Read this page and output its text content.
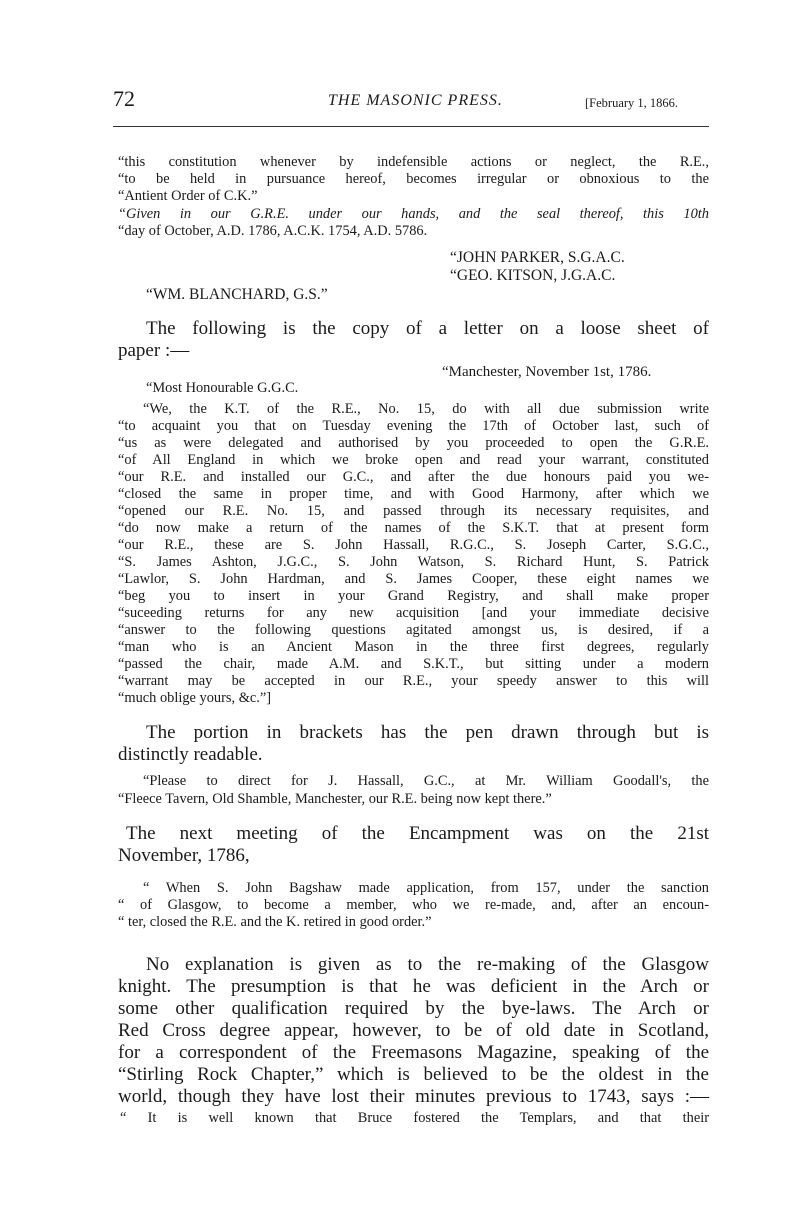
72	THE MASONIC PRESS.	[February 1, 1866.
“this constitution whenever by indefensible actions or neglect, the R.E.,
“to be held in pursuance hereof, becomes irregular or obnoxious to the
“Antient Order of C.K.”
“Given in our G.R.E. under our hands, and the seal thereof, this 10th
“day of October, A.D. 1786, A.C.K. 1754, A.D. 5786.
“JOHN PARKER, S.G.A.C.
“GEO. KITSON, J.G.A.C.
“WM. BLANCHARD, G.S.”
The following is the copy of a letter on a loose sheet of
paper :—
“Manchester, November 1st, 1786.
“Most Honourable G.G.C.
“We, the K.T. of the R.E., No. 15, do with all due submission write
“to acquaint you that on Tuesday evening the 17th of October last, such of
“us as were delegated and authorised by you proceeded to open the G.R.E.
“of All England in which we broke open and read your warrant, constituted
“our R.E. and installed our G.C., and after the due honours paid you we-
“closed the same in proper time, and with Good Harmony, after which we
“opened our R.E. No. 15, and passed through its necessary requisites, and
“do now make a return of the names of the S.K.T. that at present form
“our R.E., these are S. John Hassall, R.G.C., S. Joseph Carter, S.G.C.,
“S. James Ashton, J.G.C., S. John Watson, S. Richard Hunt, S. Patrick
“Lawlor, S. John Hardman, and S. James Cooper, these eight names we
“beg you to insert in your Grand Registry, and shall make proper
“suceeding returns for any new acquisition [and your immediate decisive
“answer to the following questions agitated amongst us, is desired, if a
“man who is an Ancient Mason in the three first degrees, regularly
“passed the chair, made A.M. and S.K.T., but sitting under a modern
“warrant may be accepted in our R.E., your speedy answer to this will
“much oblige yours, &c.”]
The portion in brackets has the pen drawn through but is
distinctly readable.
“Please to direct for J. Hassall, G.C., at Mr. William Goodall's, the
“Fleece Tavern, Old Shamble, Manchester, our R.E. being now kept there.”
The next meeting of the Encampment was on the 21st
November, 1786,
“ When S. John Bagshaw made application, from 157, under the sanction
“ of Glasgow, to become a member, who we re-made, and, after an encoun-
“ ter, closed the R.E. and the K. retired in good order.”
No explanation is given as to the re-making of the Glasgow
knight. The presumption is that he was deficient in the Arch or
some other qualification required by the bye-laws. The Arch or
Red Cross degree appear, however, to be of old date in Scotland,
for a correspondent of the Freemasons Magazine, speaking of the
“Stirling Rock Chapter,” which is believed to be the oldest in the
world, though they have lost their minutes previous to 1743, says :—
“ It is well known that Bruce fostered the Templars, and that their
